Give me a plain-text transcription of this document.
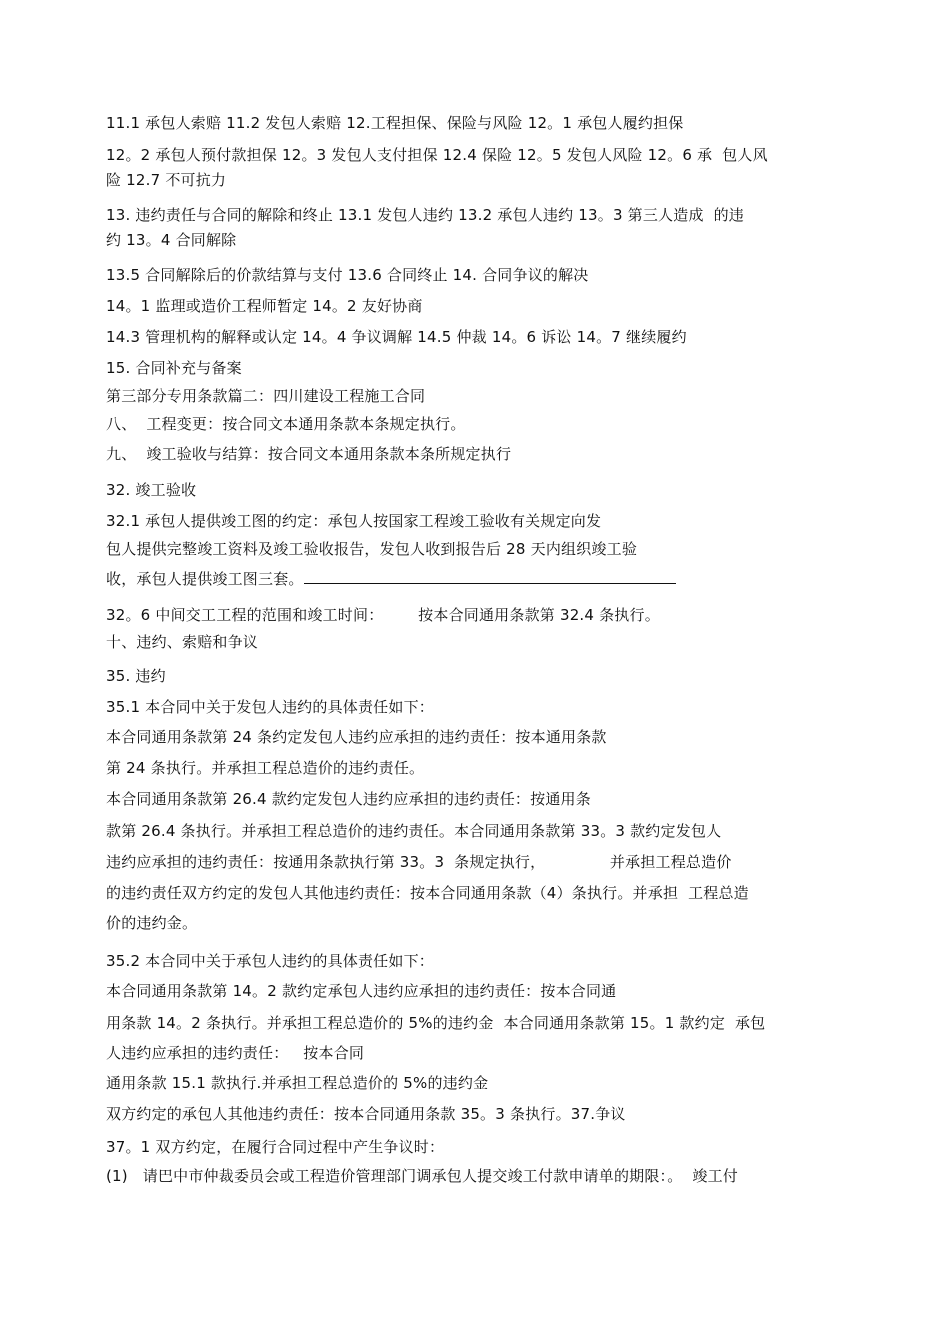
11.1 承包人索赔 11.2 发包人索赔 12.工程担保、保险与风险 12。1 承包人履约担保
12。2 承包人预付款担保 12。3 发包人支付担保 12.4 保险 12。5 发包人风险 12。6 承  包人风
险 12.7 不可抗力
13. 违约责任与合同的解除和终止 13.1 发包人违约 13.2 承包人违约 13。3 第三人造成  的违
约 13。4 合同解除
13.5 合同解除后的价款结算与支付 13.6 合同终止 14. 合同争议的解决
14。1 监理或造价工程师暂定 14。2 友好协商
14.3 管理机构的解释或认定 14。4 争议调解 14.5 仲裁 14。6 诉讼 14。7 继续履约
15. 合同补充与备案
第三部分专用条款篇二：四川建设工程施工合同
八、  工程变更：按合同文本通用条款本条规定执行。
九、  竣工验收与结算：按合同文本通用条款本条所规定执行
32. 竣工验收
32.1 承包人提供竣工图的约定：承包人按国家工程竣工验收有关规定向发
包人提供完整竣工资料及竣工验收报告，发包人收到报告后 28 天内组织竣工验
收，承包人提供竣工图三套。
32。6 中间交工工程的范围和竣工时间：       按本合同通用条款第 32.4 条执行。
十、违约、索赔和争议
35. 违约
35.1 本合同中关于发包人违约的具体责任如下：
本合同通用条款第 24 条约定发包人违约应承担的违约责任：按本通用条款
第 24 条执行。并承担工程总造价的违约责任。
本合同通用条款第 26.4 款约定发包人违约应承担的违约责任：按通用条
款第 26.4 条执行。并承担工程总造价的违约责任。本合同通用条款第 33。3 款约定发包人
违约应承担的违约责任：按通用条款执行第 33。3  条规定执行，             并承担工程总造价
的违约责任双方约定的发包人其他违约责任：按本合同通用条款（4）条执行。并承担  工程总造
价的违约金。
35.2 本合同中关于承包人违约的具体责任如下：
本合同通用条款第 14。2 款约定承包人违约应承担的违约责任：按本合同通
用条款 14。2 条执行。并承担工程总造价的 5%的违约金  本合同通用条款第 15。1 款约定  承包
人违约应承担的违约责任：   按本合同
通用条款 15.1 款执行.并承担工程总造价的 5%的违约金
双方约定的承包人其他违约责任：按本合同通用条款 35。3 条执行。37.争议
37。1 双方约定，在履行合同过程中产生争议时：
(1)   请巴中市仲裁委员会或工程造价管理部门调承包人提交竣工付款申请单的期限：。  竣工付
